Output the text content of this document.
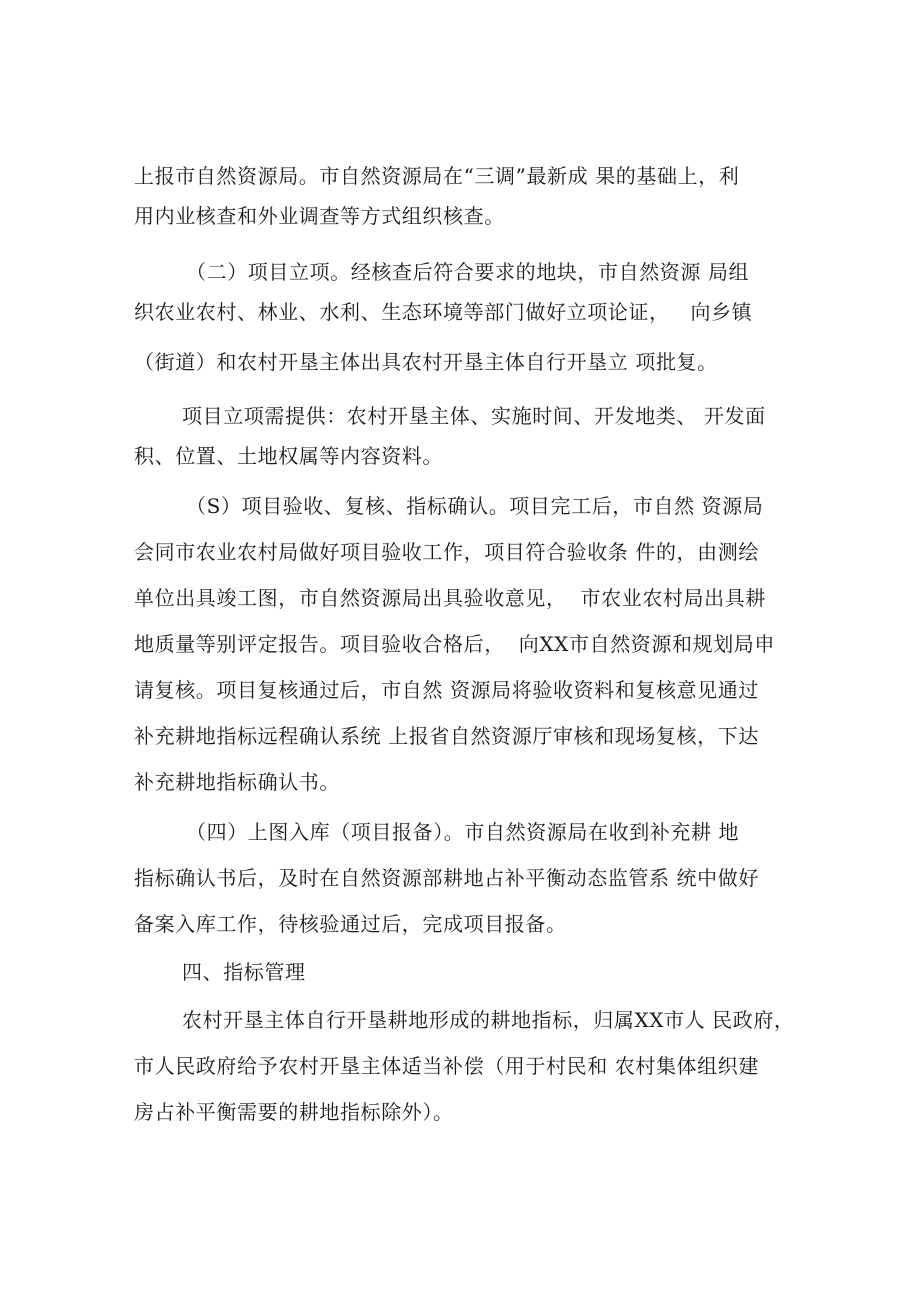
上报市自然资源局。市自然资源局在“三调”最新成 果的基础上，利
用内业核查和外业调查等方式组织核查。
（二）项目立项。经核查后符合要求的地块，市自然资源 局组
织农业农村、林业、水利、生态环境等部门做好立项论证，   向乡镇
（街道）和农村开垦主体出具农村开垦主体自行开垦立 项批复。
项目立项需提供：农村开垦主体、实施时间、开发地类、 开发面
积、位置、土地权属等内容资料。
（S）项目验收、复核、指标确认。项目完工后，市自然 资源局
会同市农业农村局做好项目验收工作，项目符合验收条 件的，由测绘
单位出具竣工图，市自然资源局出具验收意见，  市农业农村局出具耕
地质量等别评定报告。项目验收合格后，  向XX市自然资源和规划局申
请复核。项目复核通过后，市自然 资源局将验收资料和复核意见通过
补充耕地指标远程确认系统 上报省自然资源厅审核和现场复核，下达
补充耕地指标确认书。
（四）上图入库（项目报备）。市自然资源局在收到补充耕 地
指标确认书后，及时在自然资源部耕地占补平衡动态监管系 统中做好
备案入库工作，待核验通过后，完成项目报备。
四、指标管理
农村开垦主体自行开垦耕地形成的耕地指标，归属XX市人 民政府，
市人民政府给予农村开垦主体适当补偿（用于村民和 农村集体组织建
房占补平衡需要的耕地指标除外）。
